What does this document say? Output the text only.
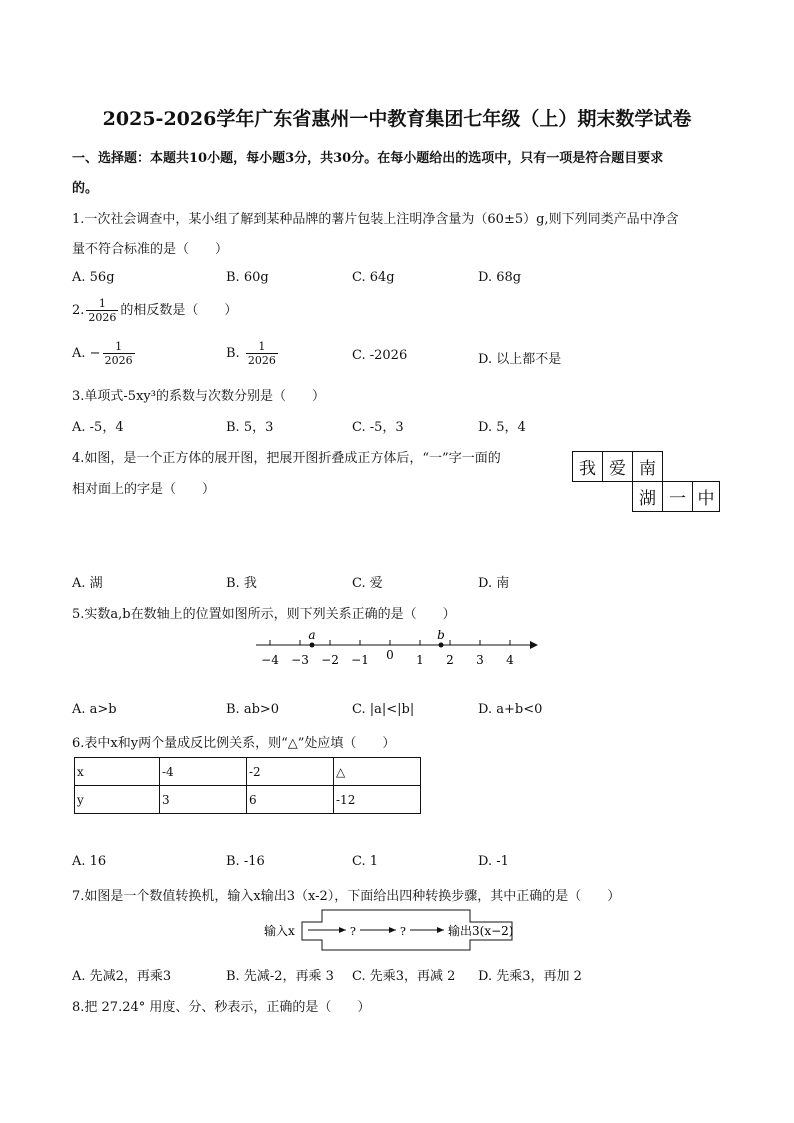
2025-2026学年广东省惠州一中教育集团七年级（上）期末数学试卷
一、选择题：本题共10小题，每小题3分，共30分。在每小题给出的选项中，只有一项是符合题目要求
的。
1.一次社会调查中，某小组了解到某种品牌的薯片包装上注明净含量为（60±5）g,则下列同类产品中净含
量不符合标准的是（　　）
A. 56g	B. 60g	C. 64g	D. 68g
2. $\frac{1}{2026}$ 的相反数是（　　）
A. − $\frac{1}{2026}$	B. $\frac{1}{2026}$	C. -2026	D. 以上都不是
3.单项式-5xy³的系数与次数分别是（　　）
A. -5，4	B. 5，3	C. -5，3	D. 5，4
4.如图，是一个正方体的展开图，把展开图折叠成正方体后，“一”字一面的
相对面上的字是（　　）
我 爱 南
湖 一 中
A. 湖	B. 我	C. 爱	D. 南
5.实数a,b在数轴上的位置如图所示，则下列关系正确的是（　　）
−4 −3 −2 −1 0 1 2 3 4
a	b
A. a>b	B. ab>0	C. |a|<|b|	D. a+b<0
6.表中x和y两个量成反比例关系，则“△”处应填（　　）
x	-4	-2	△
y	3	6	-12
A. 16	B. -16	C. 1	D. -1
7.如图是一个数值转换机，输入x输出3（x-2），下面给出四种转换步骤，其中正确的是（　　）
输入x	?	?	输出3(x−2)
A. 先减2，再乘3	B. 先减-2，再乘 3 C. 先乘3，再减 2 D. 先乘3，再加 2
8.把 27.24° 用度、分、秒表示，正确的是（　　）
